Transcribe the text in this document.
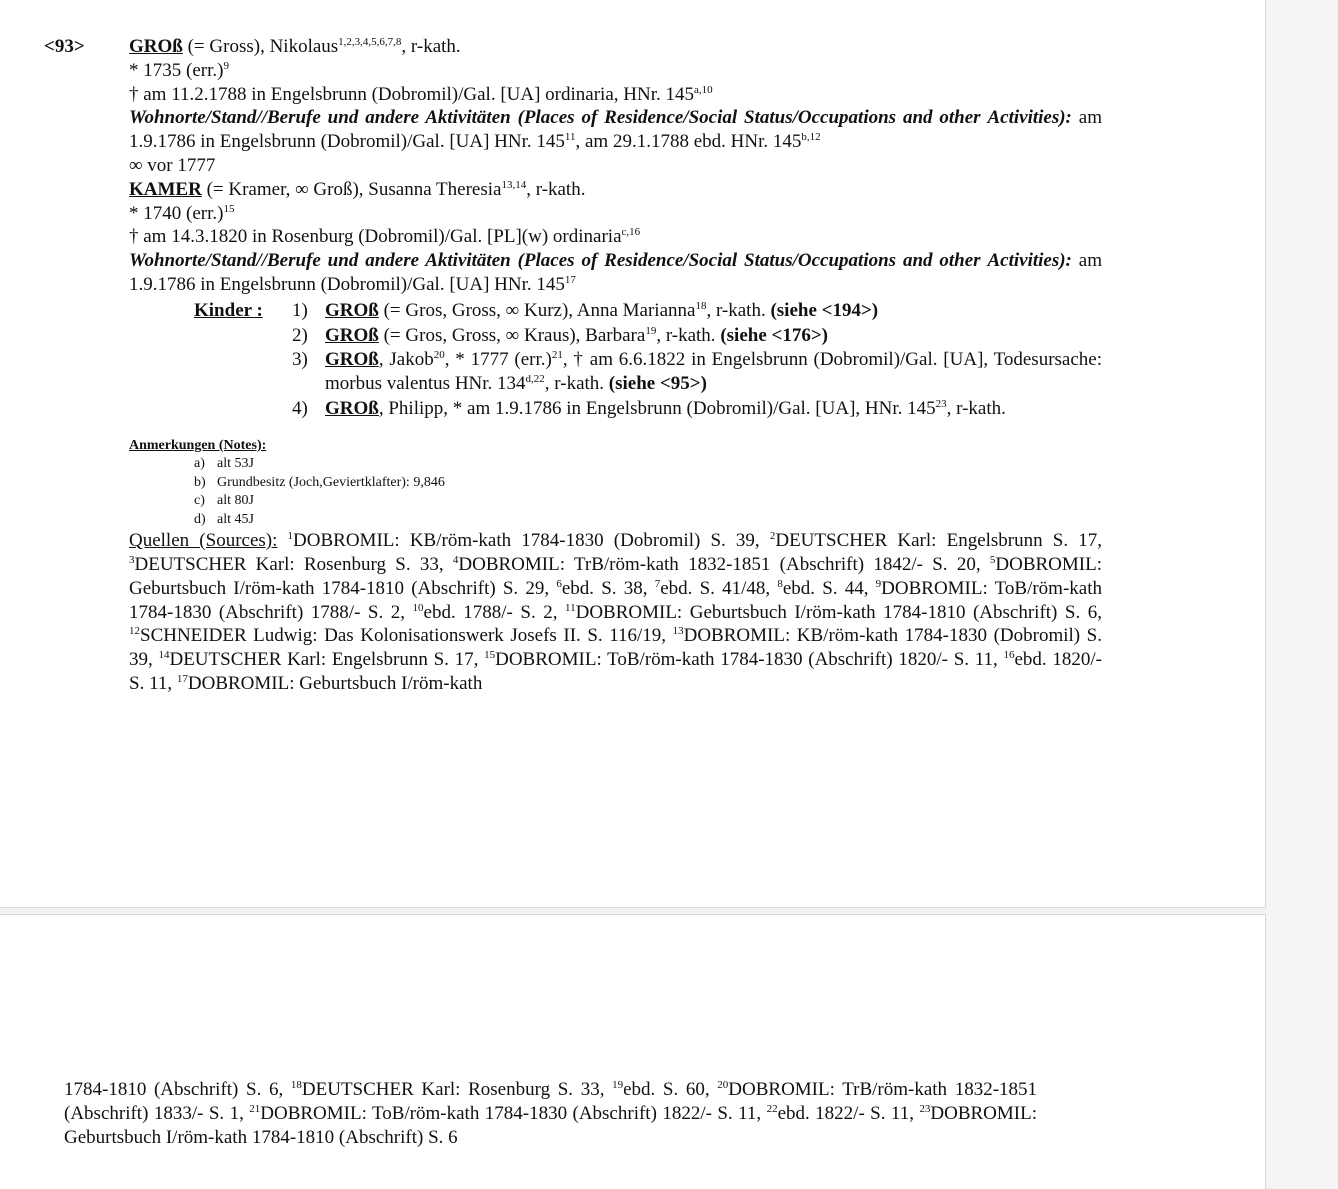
<93> GROß (= Gross), Nikolaus$^{1,2,3,4,5,6,7,8}$, r-kath.

* 1735 $(err.)^9$

† am 11.2.1788 in Engelsbrunn (Dobromil)/Gal. [UA] ordinaria, HNr. 145$^{a,10}$

Wohnorte/Stand//Berufe und andere Aktivitäten (Places of Residence/Social Status/Occupations and other Activities): am 1.9.1786 in Engelsbrunn (Dobromil)/Gal. [UA] HNr. $145^{11}$, am 29.1.1788 ebd. HNr. 145$^{b,12}$

∞ vor 1777

KAMER (= Kramer, ∞ Groß), Susanna Theresia$^{13,14}$, r-kath.

* 1740 $(err.)^{15}$

† am 14.3.1820 in Rosenburg (Dobromil)/Gal. [PL](w) ordinaria$^{c,16}$

Wohnorte/Stand//Berufe und andere Aktivitäten (Places of Residence/Social Status/Occupations and other Activities): am 1.9.1786 in Engelsbrunn (Dobromil)/Gal. [UA] HNr. $145^{17}$

Kinder : 1) GROß (= Gros, Gross, ∞ Kurz), Anna Marianna$^{18}$, r-kath. (siehe <194>)
2) GROß (= Gros, Gross, ∞ Kraus), Barbara$^{19}$, r-kath. (siehe <176>)
3) GROß, Jakob$^{20}$, * 1777 $(err.)^{21}$, † am 6.6.1822 in Engelsbrunn (Dobromil)/Gal. [UA], Todesursache: morbus valentus HNr. 134$^{d,22}$, r-kath. (siehe <95>)
4) GROß, Philipp, * am 1.9.1786 in Engelsbrunn (Dobromil)/Gal. [UA], HNr. $145^{23}$, r-kath.
Anmerkungen (Notes):
a) alt 53J
b) Grundbesitz (Joch,Geviertklafter): 9,846
c) alt 80J
d) alt 45J

Quellen (Sources): $^1$DOBROMIL: KB/röm-kath 1784-1830 (Dobromil) S. 39, $^2$DEUTSCHER Karl: Engelsbrunn S. 17, $^3$DEUTSCHER Karl: Rosenburg S. 33, $^4$DOBROMIL: TrB/röm-kath 1832-1851 (Abschrift) 1842/- S. 20, $^5$DOBROMIL: Geburtsbuch I/röm-kath 1784-1810 (Abschrift) S. 29, $^6$ebd. S. 38, $^7$ebd. S. 41/48, $^8$ebd. S. 44, $^9$DOBROMIL: ToB/röm-kath 1784-1830 (Abschrift) 1788/- S. 2, $^{10}$ebd. 1788/- S. 2, $^{11}$DOBROMIL: Geburtsbuch I/röm-kath 1784-1810 (Abschrift) S. 6, $^{12}$SCHNEIDER Ludwig: Das Kolonisationswerk Josefs II. S. 116/19, $^{13}$DOBROMIL: KB/röm-kath 1784-1830 (Dobromil) S. 39, $^{14}$DEUTSCHER Karl: Engelsbrunn S. 17, $^{15}$DOBROMIL: ToB/röm-kath 1784-1830 (Abschrift) 1820/- S. 11, $^{16}$ebd. 1820/- S. 11, $^{17}$DOBROMIL: Geburtsbuch I/röm-kath

1784-1810 (Abschrift) S. 6, $^{18}$DEUTSCHER Karl: Rosenburg S. 33, $^{19}$ebd. S. 60, $^{20}$DOBROMIL: TrB/röm-kath 1832-1851 (Abschrift) 1833/- S. 1, $^{21}$DOBROMIL: ToB/röm-kath 1784-1830 (Abschrift) 1822/- S. 11, $^{22}$ebd. 1822/- S. 11, $^{23}$DOBROMIL: Geburtsbuch I/röm-kath 1784-1810 (Abschrift) S. 6
